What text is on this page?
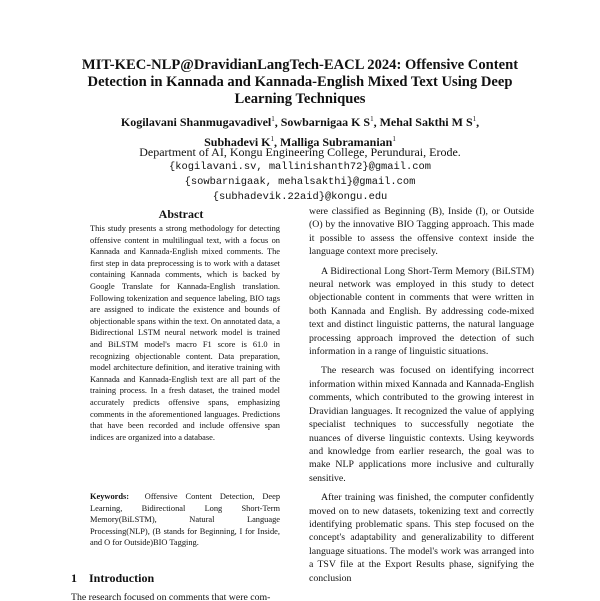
MIT-KEC-NLP@DravidianLangTech-EACL 2024: Offensive Content Detection in Kannada and Kannada-English Mixed Text Using Deep Learning Techniques
Kogilavani Shanmugavadivel$^1$, Sowbarnigaa K $S^1$, Mehal Sakthi M $S^1$,
Subhadevi $K^1$, Malliga Subramanian$^1$
Department of AI, Kongu Engineering College, Perundurai, Erode.
{kogilavani.sv, mallinishanth72}@gmail.com
{sowbarnigaak, mehalsakthi}@gmail.com
{subhadevik.22aid}@kongu.edu
Abstract
This study presents a strong methodology for detecting offensive content in multilingual text, with a focus on Kannada and Kannada-English mixed comments. The first step in data preprocessing is to work with a dataset containing Kannada comments, which is backed by Google Translate for Kannada-English translation. Following tokenization and sequence labeling, BIO tags are assigned to indicate the existence and bounds of objectionable spans within the text. On annotated data, a Bidirectional LSTM neural network model is trained and BiLSTM model's macro F1 score is 61.0 in recognizing objectionable content. Data preparation, model architecture definition, and iterative training with Kannada and Kannada-English text are all part of the training process. In a fresh dataset, the trained model accurately predicts offensive spans, emphasizing comments in the aforementioned languages. Predictions that have been recorded and include offensive span indices are organized into a database.
Keywords: Offensive Content Detection, Deep Learning, Bidirectional Long Short-Term Memory(BiLSTM), Natural Language Processing(NLP), (B stands for Beginning, I for Inside, and O for Outside)BIO Tagging.
1 Introduction
The research focused on comments that were com-

were classified as Beginning (B), Inside (I), or Outside (O) by the innovative BIO Tagging approach. This made it possible to assess the offensive context inside the language context more precisely.

A Bidirectional Long Short-Term Memory (BiLSTM) neural network was employed in this study to detect objectionable content in comments that were written in both Kannada and English. By addressing code-mixed text and distinct linguistic patterns, the natural language processing approach improved the detection of such information in a range of linguistic situations.

The research was focused on identifying incorrect information within mixed Kannada and Kannada-English comments, which contributed to the growing interest in Dravidian languages. It recognized the value of applying specialist techniques to successfully negotiate the nuances of diverse linguistic contexts. Using keywords and knowledge from earlier research, the goal was to make NLP applications more inclusive and culturally sensitive.

After training was finished, the computer confidently moved on to new datasets, tokenizing text and correctly identifying problematic spans. This step focused on the concept's adaptability and generalizability to different language situations. The model's work was arranged into a TSV file at the Export Results phase, signifying the conclusion
